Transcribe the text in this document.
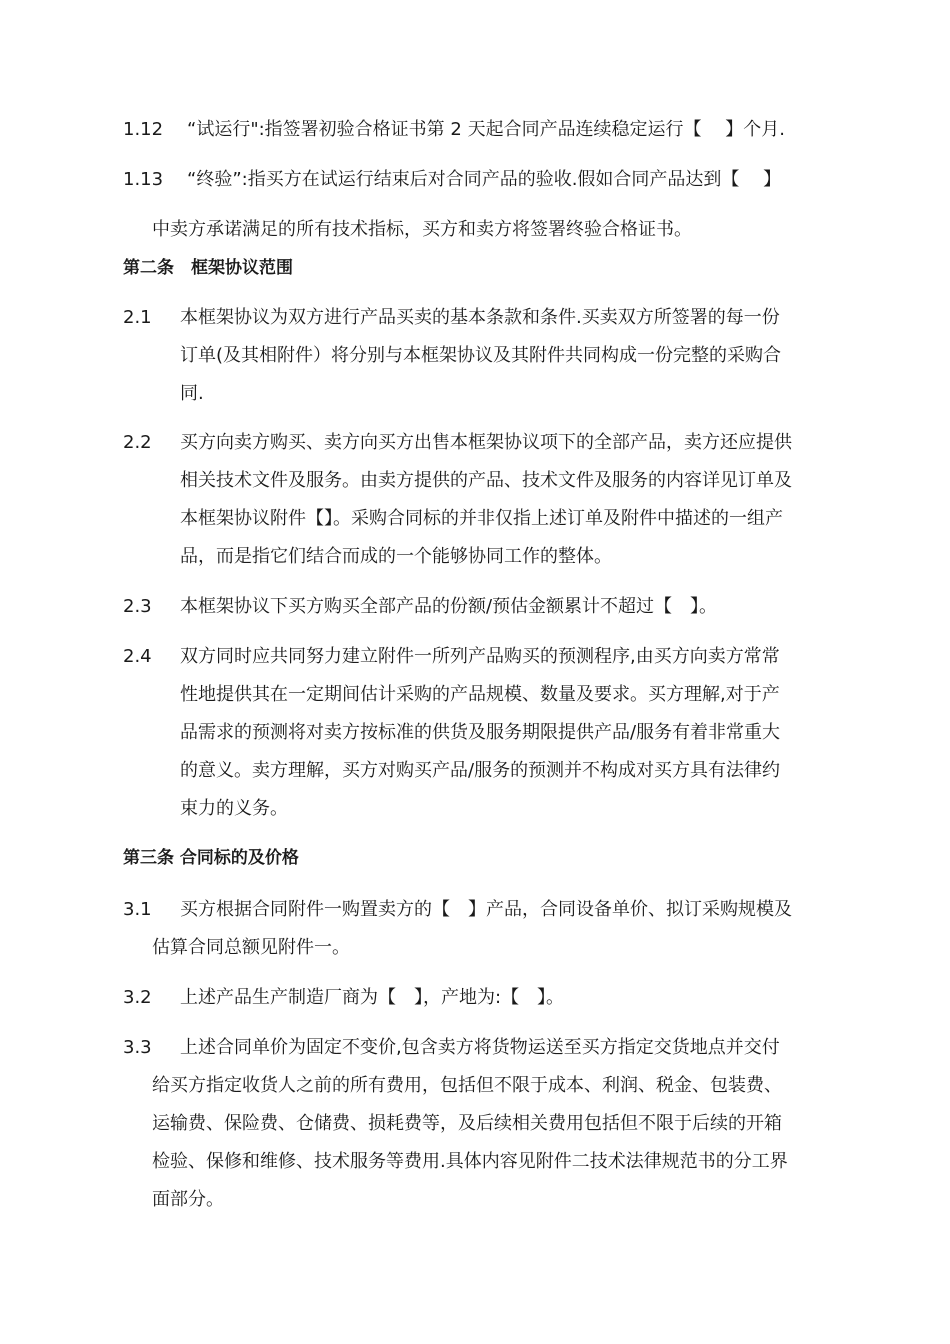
1.12 “试运行":指签署初验合格证书第 2 天起合同产品连续稳定运行【　 】个月.
1.13 “终验”:指买方在试运行结束后对合同产品的验收.假如合同产品达到【　 】
中卖方承诺满足的所有技术指标，买方和卖方将签署终验合格证书。
第二条　框架协议范围
2.1 本框架协议为双方进行产品买卖的基本条款和条件.买卖双方所签署的每一份
订单(及其相附件）将分别与本框架协议及其附件共同构成一份完整的采购合
同.
2.2 买方向卖方购买、卖方向买方出售本框架协议项下的全部产品，卖方还应提供
相关技术文件及服务。由卖方提供的产品、技术文件及服务的内容详见订单及
本框架协议附件【】。采购合同标的并非仅指上述订单及附件中描述的一组产
品，而是指它们结合而成的一个能够协同工作的整体。
2.3 本框架协议下买方购买全部产品的份额/预估金额累计不超过【　】。
2.4 双方同时应共同努力建立附件一所列产品购买的预测程序,由买方向卖方常常
性地提供其在一定期间估计采购的产品规模、数量及要求。买方理解,对于产
品需求的预测将对卖方按标准的供货及服务期限提供产品/服务有着非常重大
的意义。卖方理解，买方对购买产品/服务的预测并不构成对买方具有法律约
束力的义务。
第三条 合同标的及价格
3.1 买方根据合同附件一购置卖方的【　】产品，合同设备单价、拟订采购规模及
估算合同总额见附件一。
3.2 上述产品生产制造厂商为【　】，产地为:【　】。
3.3 上述合同单价为固定不变价,包含卖方将货物运送至买方指定交货地点并交付
给买方指定收货人之前的所有费用，包括但不限于成本、利润、税金、包装费、
运输费、保险费、仓储费、损耗费等，及后续相关费用包括但不限于后续的开箱
检验、保修和维修、技术服务等费用.具体内容见附件二技术法律规范书的分工界
面部分。
